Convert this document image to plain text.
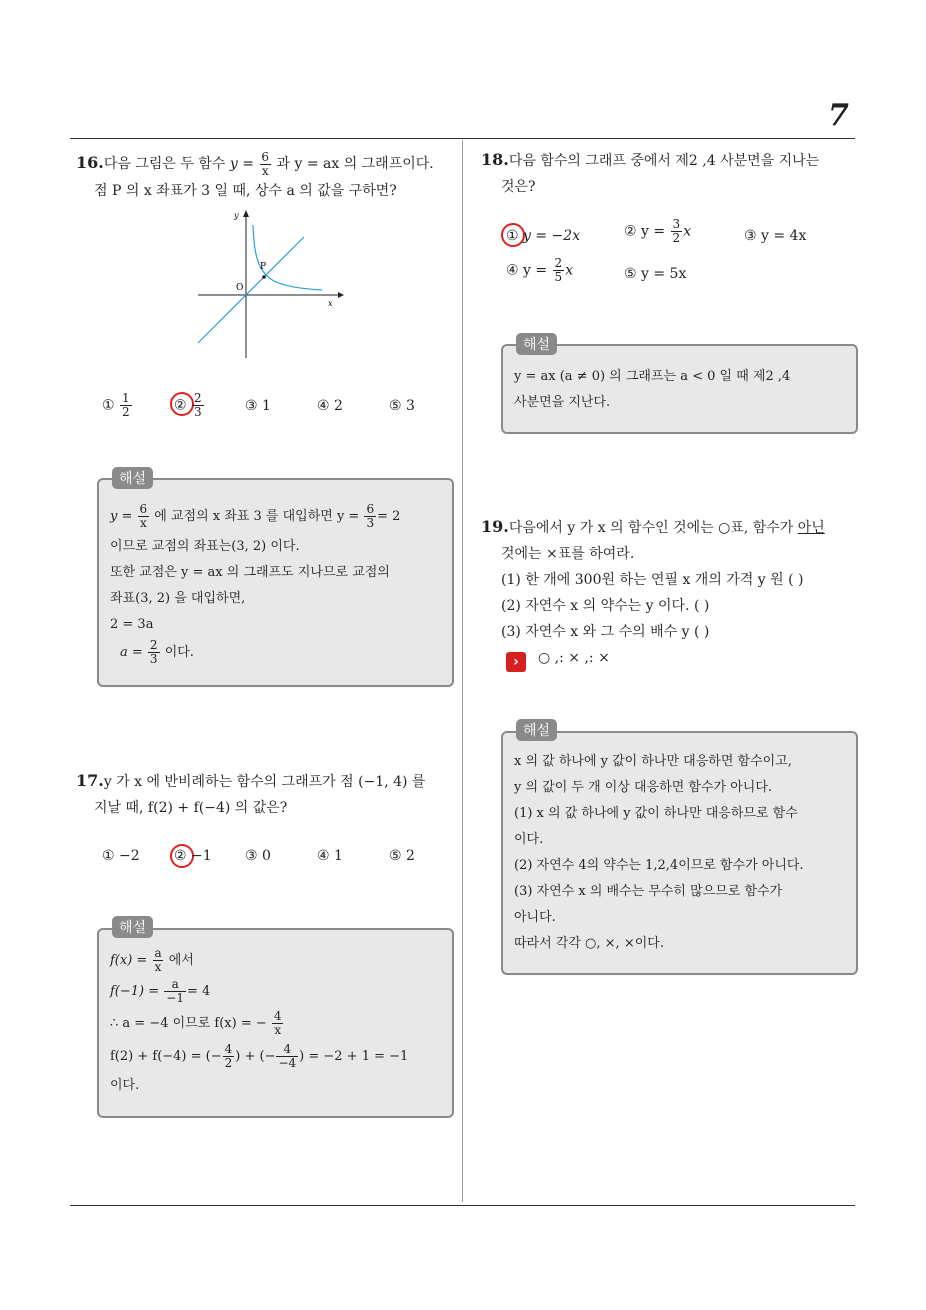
7
16.다음 그림은 두 함수 $y = \frac{6}{x}$ 과 y = ax 의 그래프이다.
점 P 의 x 좌표가 3 일 때, 상수 a 의 값을 구하면?
P
O
y
x
① $\frac{1}{2}$	② $\frac{2}{3}$	③ 1	④ 2	⑤ 3
해설
$y = \frac{6}{x}$ 에 교점의 x 좌표 3 를 대입하면 $y = \frac{6}{3} = 2$
이므로 교점의 좌표는(3, 2) 이다.
또한 교점은 y = ax 의 그래프도 지나므로 교점의
좌표(3, 2) 을 대입하면,
2 = 3a
$a = \frac{2}{3}$ 이다.
17.y 가 x 에 반비례하는 함수의 그래프가 점 (−1, 4) 를
지날 때, f(2) + f(−4) 의 값은?
① −2 ② −1 ③ 0	④ 1	⑤ 2
해설
$f(x) = \frac{a}{x}$ 에서
$f(-1) = \frac{a}{-1} = 4$
∴ a = −4 이므로 f(x) = − $\frac{4}{x}$
f(2) + f(−4) = (− $\frac{4}{2}$ ) + (− $\frac{4}{-4}$ ) = −2 + 1 = −1
이다.
18.다음 함수의 그래프 중에서 제2 ,4 사분면을 지나는
것은?
① y = −2x	② $y = \frac{3}{2}$ x	③ y = 4x
④ $y = \frac{2}{5}$ x	⑤ y = 5x
해설
y = ax (a ≠ 0) 의 그래프는 a < 0 일 때 제2 ,4
사분면을 지난다.
19.다음에서 y 가 x 의 함수인 것에는 ○표, 함수가 아닌
것에는 ×표를 하여라.
(1) 한 개에 300원 하는 연필 x 개의 가격 y 원 ( )
(2) 자연수 x 의 약수는 y 이다. ( )
(3) 자연수 x 와 그 수의 배수 y ( )
›	○ ,: × ,: ×
해설
x 의 값 하나에 y 값이 하나만 대응하면 함수이고,
y 의 값이 두 개 이상 대응하면 함수가 아니다.
(1) x 의 값 하나에 y 값이 하나만 대응하므로 함수
이다.
(2) 자연수 4의 약수는 1,2,4이므로 함수가 아니다.
(3) 자연수 x 의 배수는 무수히 많으므로 함수가
아니다.
따라서 각각 ○, ×, ×이다.
